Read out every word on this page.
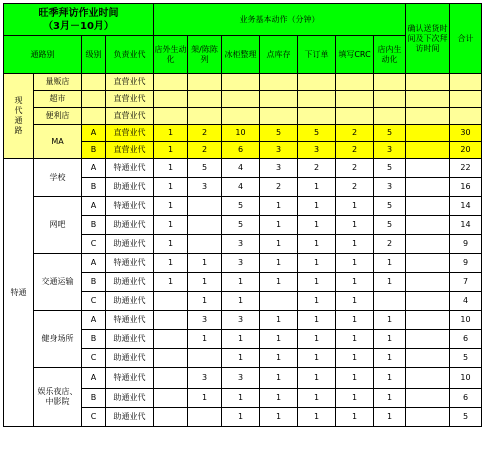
旺季拜访作业时间
（3月－10月）				业务基本动作（分钟）							确认送货时间及下次拜访时间	合计
通路别		级别	负责业代	店外生动化	架/陈陈列	冰柜整理	点库存	下订单	填写CRC	店内生动化		
现代通路	量贩店		直营业代									
	超市		直营业代									
	便利店		直营业代									
	MA	A	直营业代	1	2	10	5	5	2	5		30
		B	直营业代	1	2	6	3	3	2	3		20
特通	学校	A	特通业代	1	5	4	3	2	2	5		22
		B	助通业代	1	3	4	2	1	2	3		16
	网吧	A	特通业代	1		5	1	1	1	5		14
		B	助通业代	1		5	1	1	1	5		14
		C	助通业代	1		3	1	1	1	2		9
	交通运输	A	特通业代	1	1	3	1	1	1	1		9
		B	助通业代	1	1	1	1	1	1	1		7
		C	助通业代		1	1		1	1			4
	健身场所	A	特通业代		3	3	1	1	1	1		10
		B	助通业代		1	1	1	1	1	1		6
		C	助通业代			1	1	1	1	1		5
	娱乐夜店、中影院	A	特通业代		3	3	1	1	1	1		10
		B	助通业代		1	1	1	1	1	1		6
		C	助通业代			1	1	1	1	1		5
